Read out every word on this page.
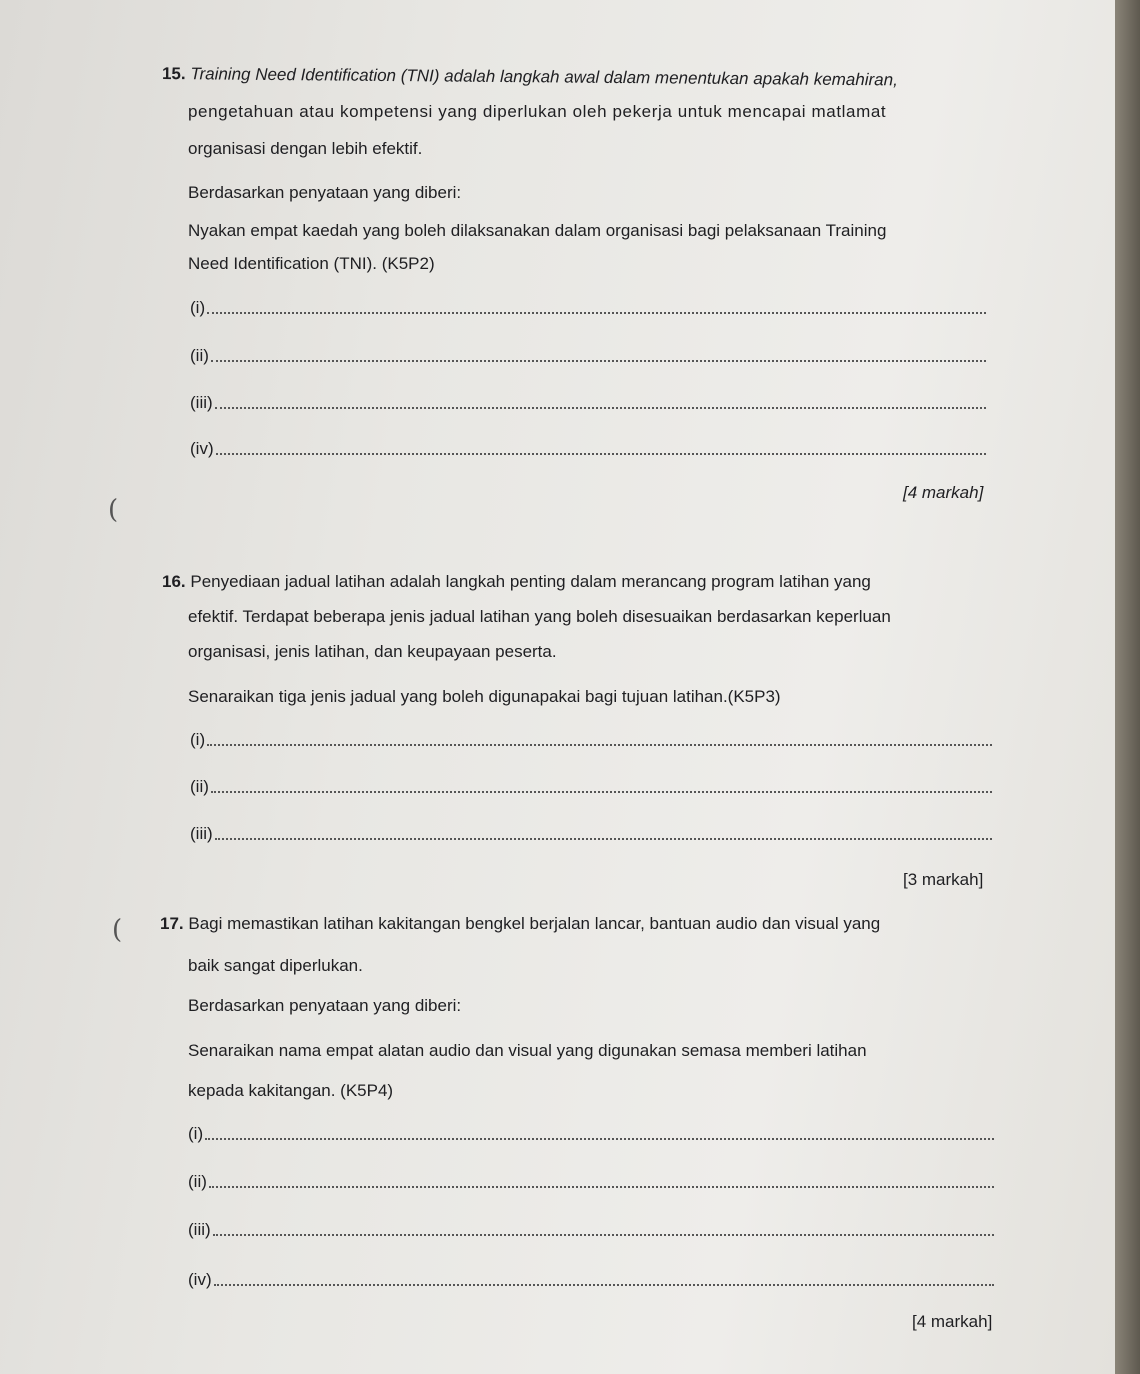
15. Training Need Identification (TNI) adalah langkah awal dalam menentukan apakah kemahiran,
pengetahuan atau kompetensi yang diperlukan oleh pekerja untuk mencapai matlamat
organisasi dengan lebih efektif.
Berdasarkan penyataan yang diberi:
Nyakan empat kaedah yang boleh dilaksanakan dalam organisasi bagi pelaksanaan Training
Need Identification (TNI). (K5P2)
(i)
(ii)
(iii)
(iv)
[4 markah]
(
16. Penyediaan jadual latihan adalah langkah penting dalam merancang program latihan yang
efektif. Terdapat beberapa jenis jadual latihan yang boleh disesuaikan berdasarkan keperluan
organisasi, jenis latihan, dan keupayaan peserta.
Senaraikan tiga jenis jadual yang boleh digunapakai bagi tujuan latihan.(K5P3)
(i)
(ii)
(iii)
[3 markah]
( 17. Bagi memastikan latihan kakitangan bengkel berjalan lancar, bantuan audio dan visual yang
baik sangat diperlukan.
Berdasarkan penyataan yang diberi:
Senaraikan nama empat alatan audio dan visual yang digunakan semasa memberi latihan
kepada kakitangan. (K5P4)
(i)
(ii)
(iii)
(iv)
[4 markah]
